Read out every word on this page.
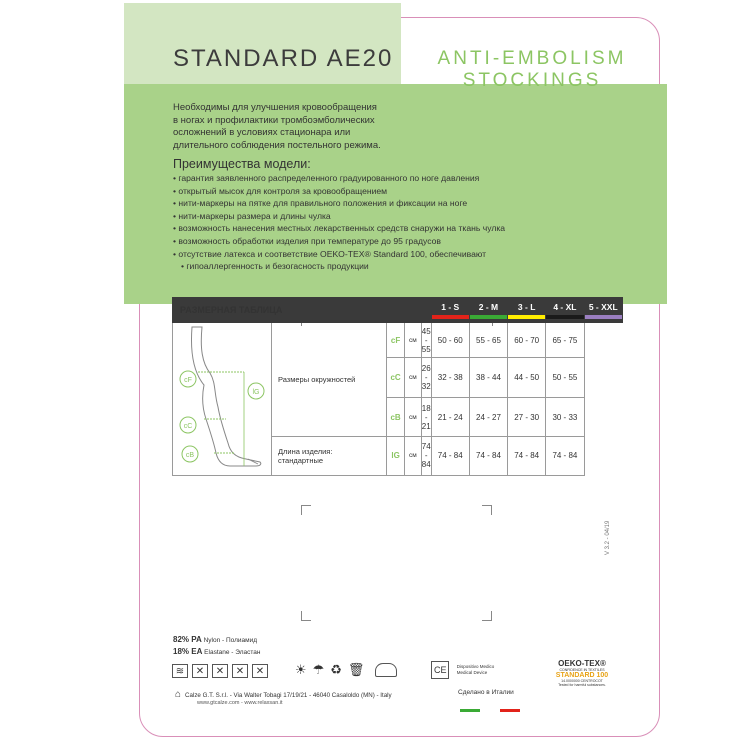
STANDARD AE20 ANTI-EMBOLISM
STOCKINGS
Необходимы для улучшения кровообращения
в ногах и профилактики тромбоэмболических
осложнений в условиях стационара или
длительного соблюдения постельного режима.
Преимущества модели:
• гарантия заявленного распределенного градуированного по ноге давления
• открытый мысок для контроля за кровообращением
• нити-маркеры на пятке для правильного положения и фиксации на ноге
• нити-маркеры размера и длины чулка
• возможность нанесения местных лекарственных средств снаружи на ткань чулка
• возможность обработки изделия при температуре до 95 градусов
• отсутствие латекса и соответствие OEKO-TEX® Standard 100, обеспечивают
• гипоаллергенность и безогасность продукции
РАЗМЕРНАЯ ТАБЛИЦА					1 - S	2 - M	3 - L	4 - XL	5 - XXL

cF
cC
cB
lG	Размеры окружностей	cF	см	45 - 55	50 - 60	55 - 65	60 - 70	65 - 75	
		cC	см	26 - 32	32 - 38	38 - 44	44 - 50	50 - 55	
		cB	см	18 - 21	21 - 24	24 - 27	27 - 30	30 - 33	

	Длина изделия:
стандартные	lG	см	74 - 84	74 - 84	74 - 84	74 - 84	74 - 84	
V 3.2 - 04/19
82% PA Nylon - Полиамид
18% EA Elastane - Эластан
≋ ✕ ✕ ✕ ✕ ☀ ☂ ♻ 🗑	CE Dispositivo Medico
Medical Device
OEKO-TEX®
CONFIDENCE IN TEXTILES
STANDARD 100
14.0000000 CENTROCOT
Tested for harmful substances.
⌂ Calze G.T. S.r.l. - Via Walter Tobagi 17/19/21 - 46040 Casaloldo (MN) - Italy
www.gtcalze.com - www.relaxsan.it
Сделано в Италии
